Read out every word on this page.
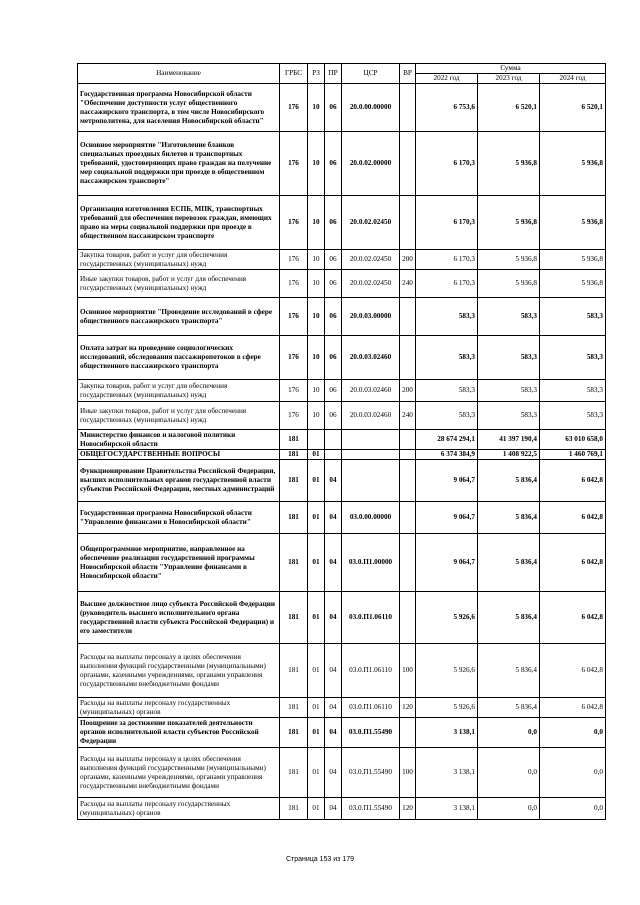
Наименование	ГРБС	РЗ	ПР	ЦСР	ВР	Сумма		
						2022 год	2023 год	2024 год
Государственная программа Новосибирской области "Обеспечение доступности услуг общественного пассажирского транспорта, в том числе Новосибирского метрополитена, для населения Новосибирской области"	176	10	06	20.0.00.00000		6 753,6	6 520,1	6 520,1
Основное мероприятие "Изготовление бланков специальных проездных билетов и транспортных требований, удостоверяющих право граждан на получение мер социальной поддержки при проезде в общественном пассажирском транспорте"	176	10	06	20.0.02.00000		6 170,3	5 936,8	5 936,8
Организация изготовления ЕСПБ, МПК, транспортных требований для обеспечения перевозок граждан, имеющих право на меры социальной поддержки при проезде в общественном пассажирском транспорте	176	10	06	20.0.02.02450		6 170,3	5 936,8	5 936,8
Закупка товаров, работ и услуг для обеспечения государственных (муниципальных) нужд	176	10	06	20.0.02.02450	200	6 170,3	5 936,8	5 936,8
Иные закупки товаров, работ и услуг для обеспечения государственных (муниципальных) нужд	176	10	06	20.0.02.02450	240	6 170,3	5 936,8	5 936,8
Основное мероприятие "Проведение исследований в сфере общественного пассажирского транспорта"	176	10	06	20.0.03.00000		583,3	583,3	583,3
Оплата затрат на проведение социологических исследований, обследования пассажиропотоков в сфере общественного пассажирского транспорта	176	10	06	20.0.03.02460		583,3	583,3	583,3
Закупка товаров, работ и услуг для обеспечения государственных (муниципальных) нужд	176	10	06	20.0.03.02460	200	583,3	583,3	583,3
Иные закупки товаров, работ и услуг для обеспечения государственных (муниципальных) нужд	176	10	06	20.0.03.02460	240	583,3	583,3	583,3
Министерство финансов и налоговой политики Новосибирской области	181					28 674 294,1	41 397 190,4	63 010 658,0
ОБЩЕГОСУДАРСТВЕННЫЕ ВОПРОСЫ	181	01				6 374 384,9	1 408 922,5	1 460 769,1
Функционирование Правительства Российской Федерации, высших исполнительных органов государственной власти субъектов Российской Федерации, местных администраций	181	01	04			9 064,7	5 836,4	6 042,8
Государственная программа Новосибирской области "Управление финансами в Новосибирской области"	181	01	04	03.0.00.00000		9 064,7	5 836,4	6 042,8
Общепрограммное мероприятие, направленное на обеспечение реализации государственной программы Новосибирской области "Управление финансами в Новосибирской области"	181	01	04	03.0.П1.00000		9 064,7	5 836,4	6 042,8
Высшее должностное лицо субъекта Российской Федерации (руководитель высшего исполнительного органа государственной власти субъекта Российской Федерации) и его заместители	181	01	04	03.0.П1.06110		5 926,6	5 836,4	6 042,8
Расходы на выплаты персоналу в целях обеспечения выполнения функций государственными (муниципальными) органами, казенными учреждениями, органами управления государственными внебюджетными фондами	181	01	04	03.0.П1.06110	100	5 926,6	5 836,4	6 042,8
Расходы на выплаты персоналу государственных (муниципальных) органов	181	01	04	03.0.П1.06110	120	5 926,6	5 836,4	6 042,8
Поощрение за достижение показателей деятельности органов исполнительной власти субъектов Российской Федерации	181	01	04	03.0.П1.55490		3 138,1	0,0	0,0
Расходы на выплаты персоналу в целях обеспечения выполнения функций государственными (муниципальными) органами, казенными учреждениями, органами управления государственными внебюджетными фондами	181	01	04	03.0.П1.55490	100	3 138,1	0,0	0,0
Расходы на выплаты персоналу государственных (муниципальных) органов	181	01	04	03.0.П1.55490	120	3 138,1	0,0	0,0
Страница 153 из 179
